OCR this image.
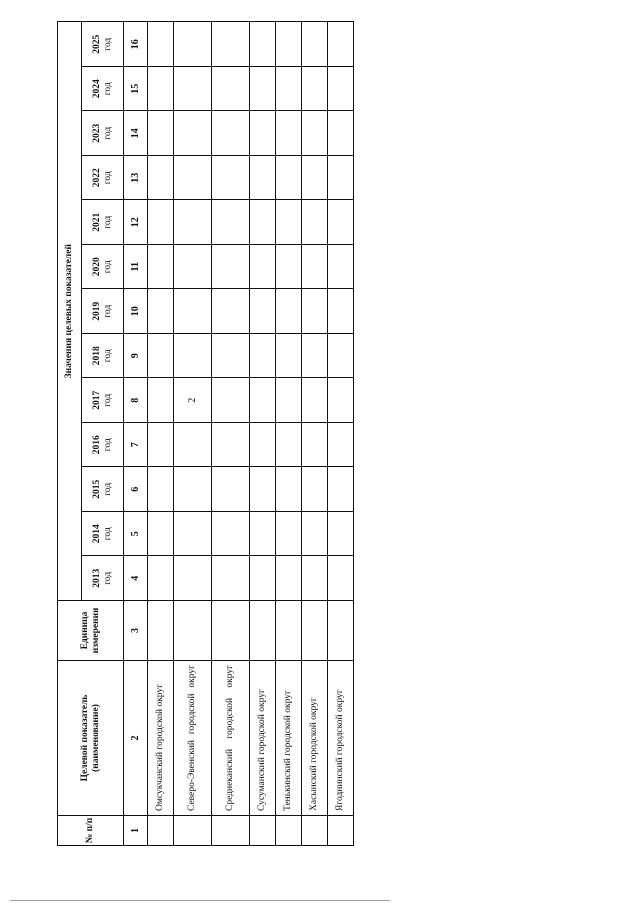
№ п/п	Целевой показатель (наименование)	Единица измерения	Значения целевых показателей												

			2013 год	2014 год	2015 год	2016 год	2017 год	2018 год	2019 год	2020 год	2021 год	2022 год	2023 год	2024 год	2025 год

1	2	3	4	5	6	7	8	9	10	11	12	13	14	15	16
	Омсукчанский городской округ														
	Северо-Эвенский городской округ						2								
	Среднеканский городской округ														
	Сусуманский городской округ														
	Тенькинский городской округ														
	Хасынский городской округ														
	Ягоднинский городской округ														
